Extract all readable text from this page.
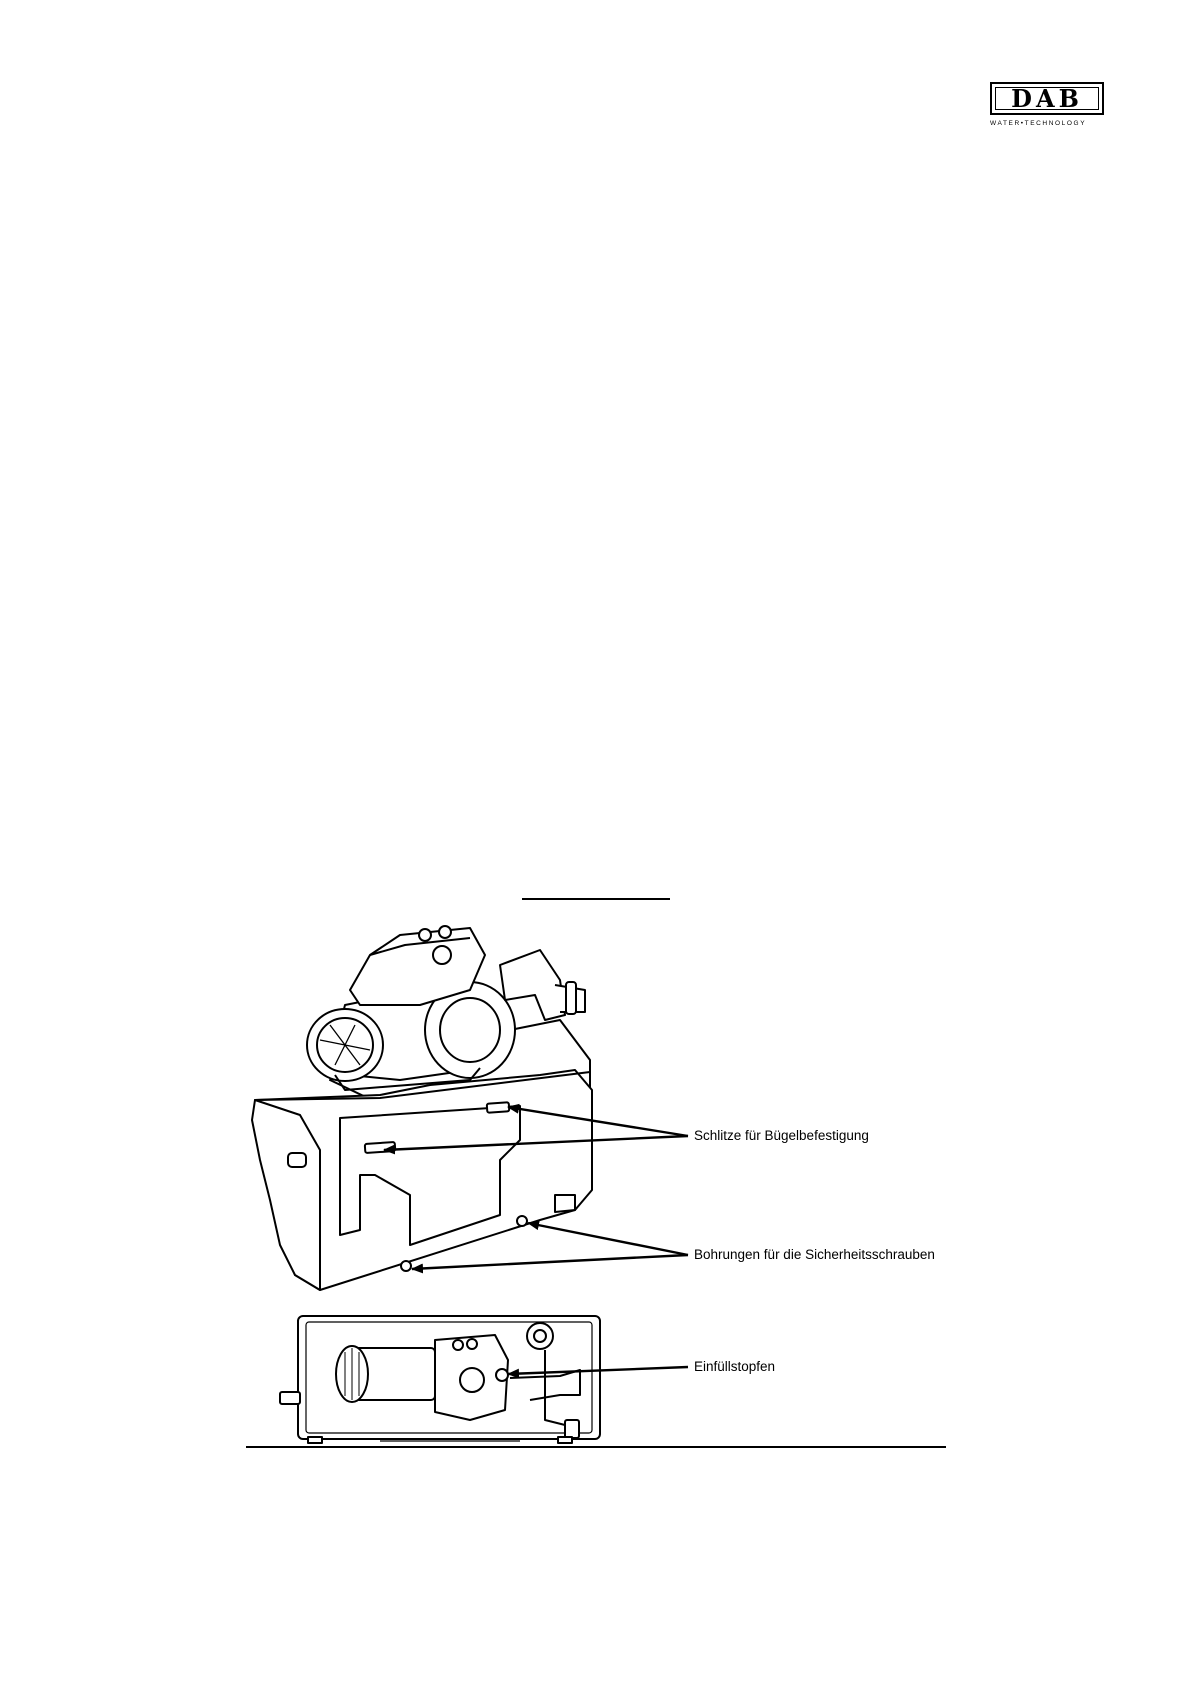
DAB
WATER•TECHNOLOGY
Schlitze für Bügelbefestigung
Bohrungen für die Sicherheitsschrauben
Einfüllstopfen
